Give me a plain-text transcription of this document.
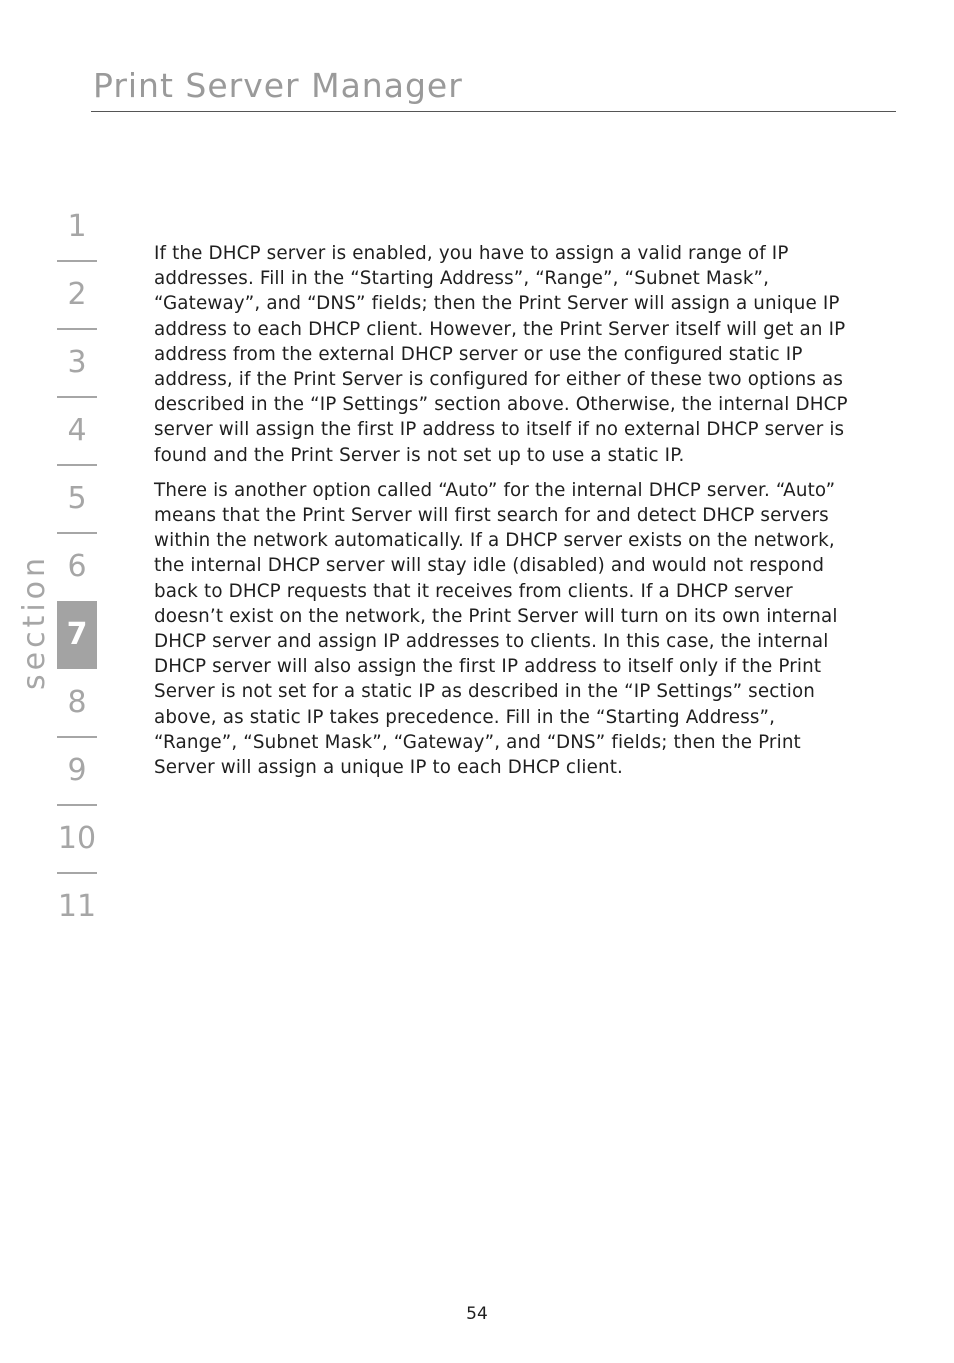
Print Server Manager
section
1
2
3
4
5
6
7
8
9
10
11

If the DHCP server is enabled, you have to assign a valid range of IP addresses. Fill in the “Starting Address”, “Range”, “Subnet Mask”, “Gateway”, and “DNS” fields; then the Print Server will assign a unique IP address to each DHCP client. However, the Print Server itself will get an IP address from the external DHCP server or use the configured static IP address, if the Print Server is configured for either of these two options as described in the “IP Settings” section above. Otherwise, the internal DHCP server will assign the first IP address to itself if no external DHCP server is found and the Print Server is not set up to use a static IP.

There is another option called “Auto” for the internal DHCP server. “Auto” means that the Print Server will first search for and detect DHCP servers within the network automatically. If a DHCP server exists on the network, the internal DHCP server will stay idle (disabled) and would not respond back to DHCP requests that it receives from clients. If a DHCP server doesn’t exist on the network, the Print Server will turn on its own internal DHCP server and assign IP addresses to clients. In this case, the internal DHCP server will also assign the first IP address to itself only if the Print Server is not set for a static IP as described in the “IP Settings” section above, as static IP takes precedence. Fill in the “Starting Address”, “Range”, “Subnet Mask”, “Gateway”, and “DNS” fields; then the Print Server will assign a unique IP to each DHCP client.

54
